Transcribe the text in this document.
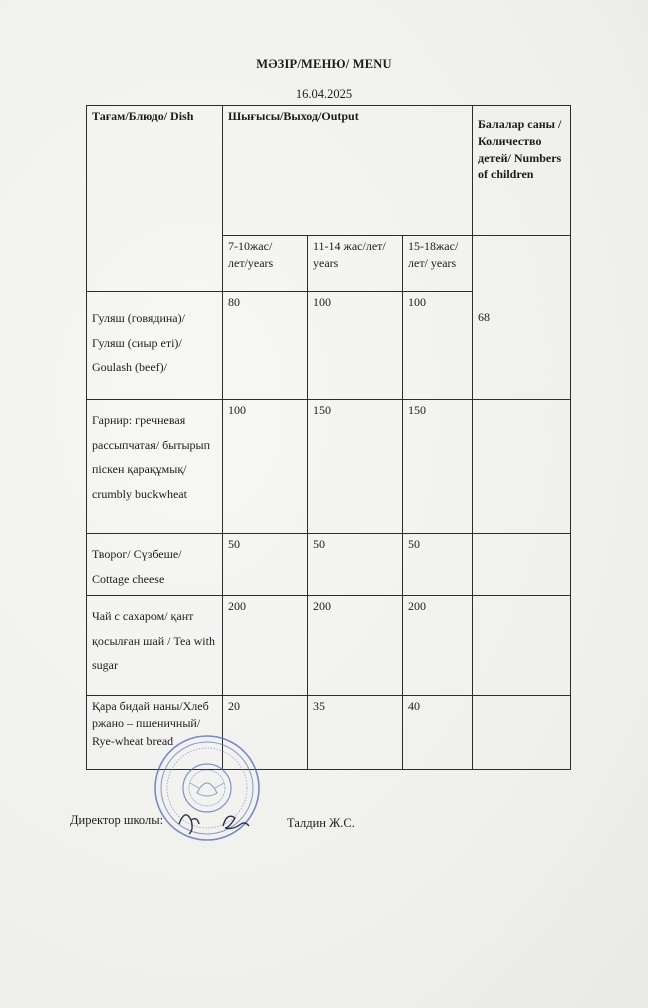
МӘЗІР/МЕНЮ/ MENU
16.04.2025
Тағам/Блюдо/ Dish	Шығысы/Выход/Output			Балалар саны /Количество детей/ Numbers of children
	7-10жас/лет/years	11-14 жас/лет/ years	15-18жас/лет/ years	68
Гуляш (говядина)/ Гуляш (сиыр еті)/ Goulash (beef)/	80	100	100	
Гарнир: гречневая рассыпчатая/ бытырып піскен қарақұмық/ crumbly buckwheat	100	150	150	
Творог/ Сүзбеше/ Cottage cheese	50	50	50	
Чай с сахаром/ қант қосылған шай / Tea with sugar	200	200	200	
Қара бидай наны/Хлеб ржано – пшеничный/ Rye-wheat bread	20	35	40	
Директор школы:	Талдин Ж.С.
